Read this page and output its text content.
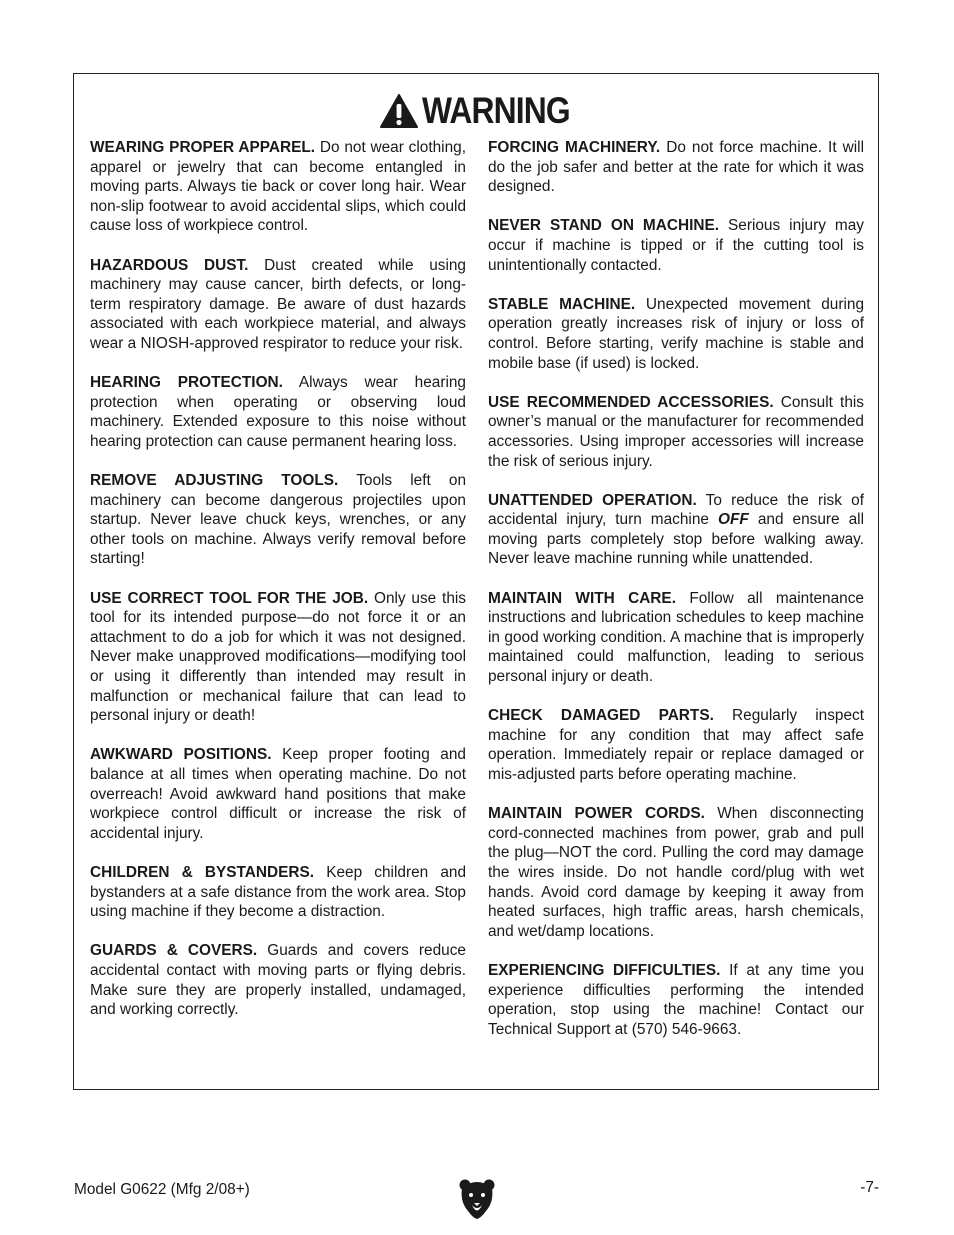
WARNING

WEARING PROPER APPAREL. Do not wear clothing, apparel or jewelry that can become entangled in moving parts. Always tie back or cover long hair. Wear non-slip footwear to avoid accidental slips, which could cause loss of workpiece control.

HAZARDOUS DUST. Dust created while using machinery may cause cancer, birth defects, or long-term respiratory damage. Be aware of dust hazards associated with each workpiece material, and always wear a NIOSH-approved respirator to reduce your risk.

HEARING PROTECTION. Always wear hearing protection when operating or observing loud machinery. Extended exposure to this noise without hearing protection can cause permanent hearing loss.

REMOVE ADJUSTING TOOLS. Tools left on machinery can become dangerous projectiles upon startup. Never leave chuck keys, wrenches, or any other tools on machine. Always verify removal before starting!

USE CORRECT TOOL FOR THE JOB. Only use this tool for its intended purpose—do not force it or an attachment to do a job for which it was not designed. Never make unapproved modifications—modifying tool or using it differently than intended may result in malfunction or mechanical failure that can lead to personal injury or death!

AWKWARD POSITIONS. Keep proper footing and balance at all times when operating machine. Do not overreach! Avoid awkward hand positions that make workpiece control difficult or increase the risk of accidental injury.

CHILDREN & BYSTANDERS. Keep children and bystanders at a safe distance from the work area. Stop using machine if they become a distraction.

GUARDS & COVERS. Guards and covers reduce accidental contact with moving parts or flying debris. Make sure they are properly installed, undamaged, and working correctly.

FORCING MACHINERY. Do not force machine. It will do the job safer and better at the rate for which it was designed.

NEVER STAND ON MACHINE. Serious injury may occur if machine is tipped or if the cutting tool is unintentionally contacted.

STABLE MACHINE. Unexpected movement during operation greatly increases risk of injury or loss of control. Before starting, verify machine is stable and mobile base (if used) is locked.

USE RECOMMENDED ACCESSORIES. Consult this owner’s manual or the manufacturer for recommended accessories. Using improper accessories will increase the risk of serious injury.

UNATTENDED OPERATION. To reduce the risk of accidental injury, turn machine OFF and ensure all moving parts completely stop before walking away. Never leave machine running while unattended.

MAINTAIN WITH CARE. Follow all maintenance instructions and lubrication schedules to keep machine in good working condition. A machine that is improperly maintained could malfunction, leading to serious personal injury or death.

CHECK DAMAGED PARTS. Regularly inspect machine for any condition that may affect safe operation. Immediately repair or replace damaged or mis-adjusted parts before operating machine.

MAINTAIN POWER CORDS. When disconnecting cord-connected machines from power, grab and pull the plug—NOT the cord. Pulling the cord may damage the wires inside. Do not handle cord/plug with wet hands. Avoid cord damage by keeping it away from heated surfaces, high traffic areas, harsh chemicals, and wet/damp locations.

EXPERIENCING DIFFICULTIES. If at any time you experience difficulties performing the intended operation, stop using the machine! Contact our Technical Support at (570) 546-9663.

Model G0622 (Mfg 2/08+)	-7-
